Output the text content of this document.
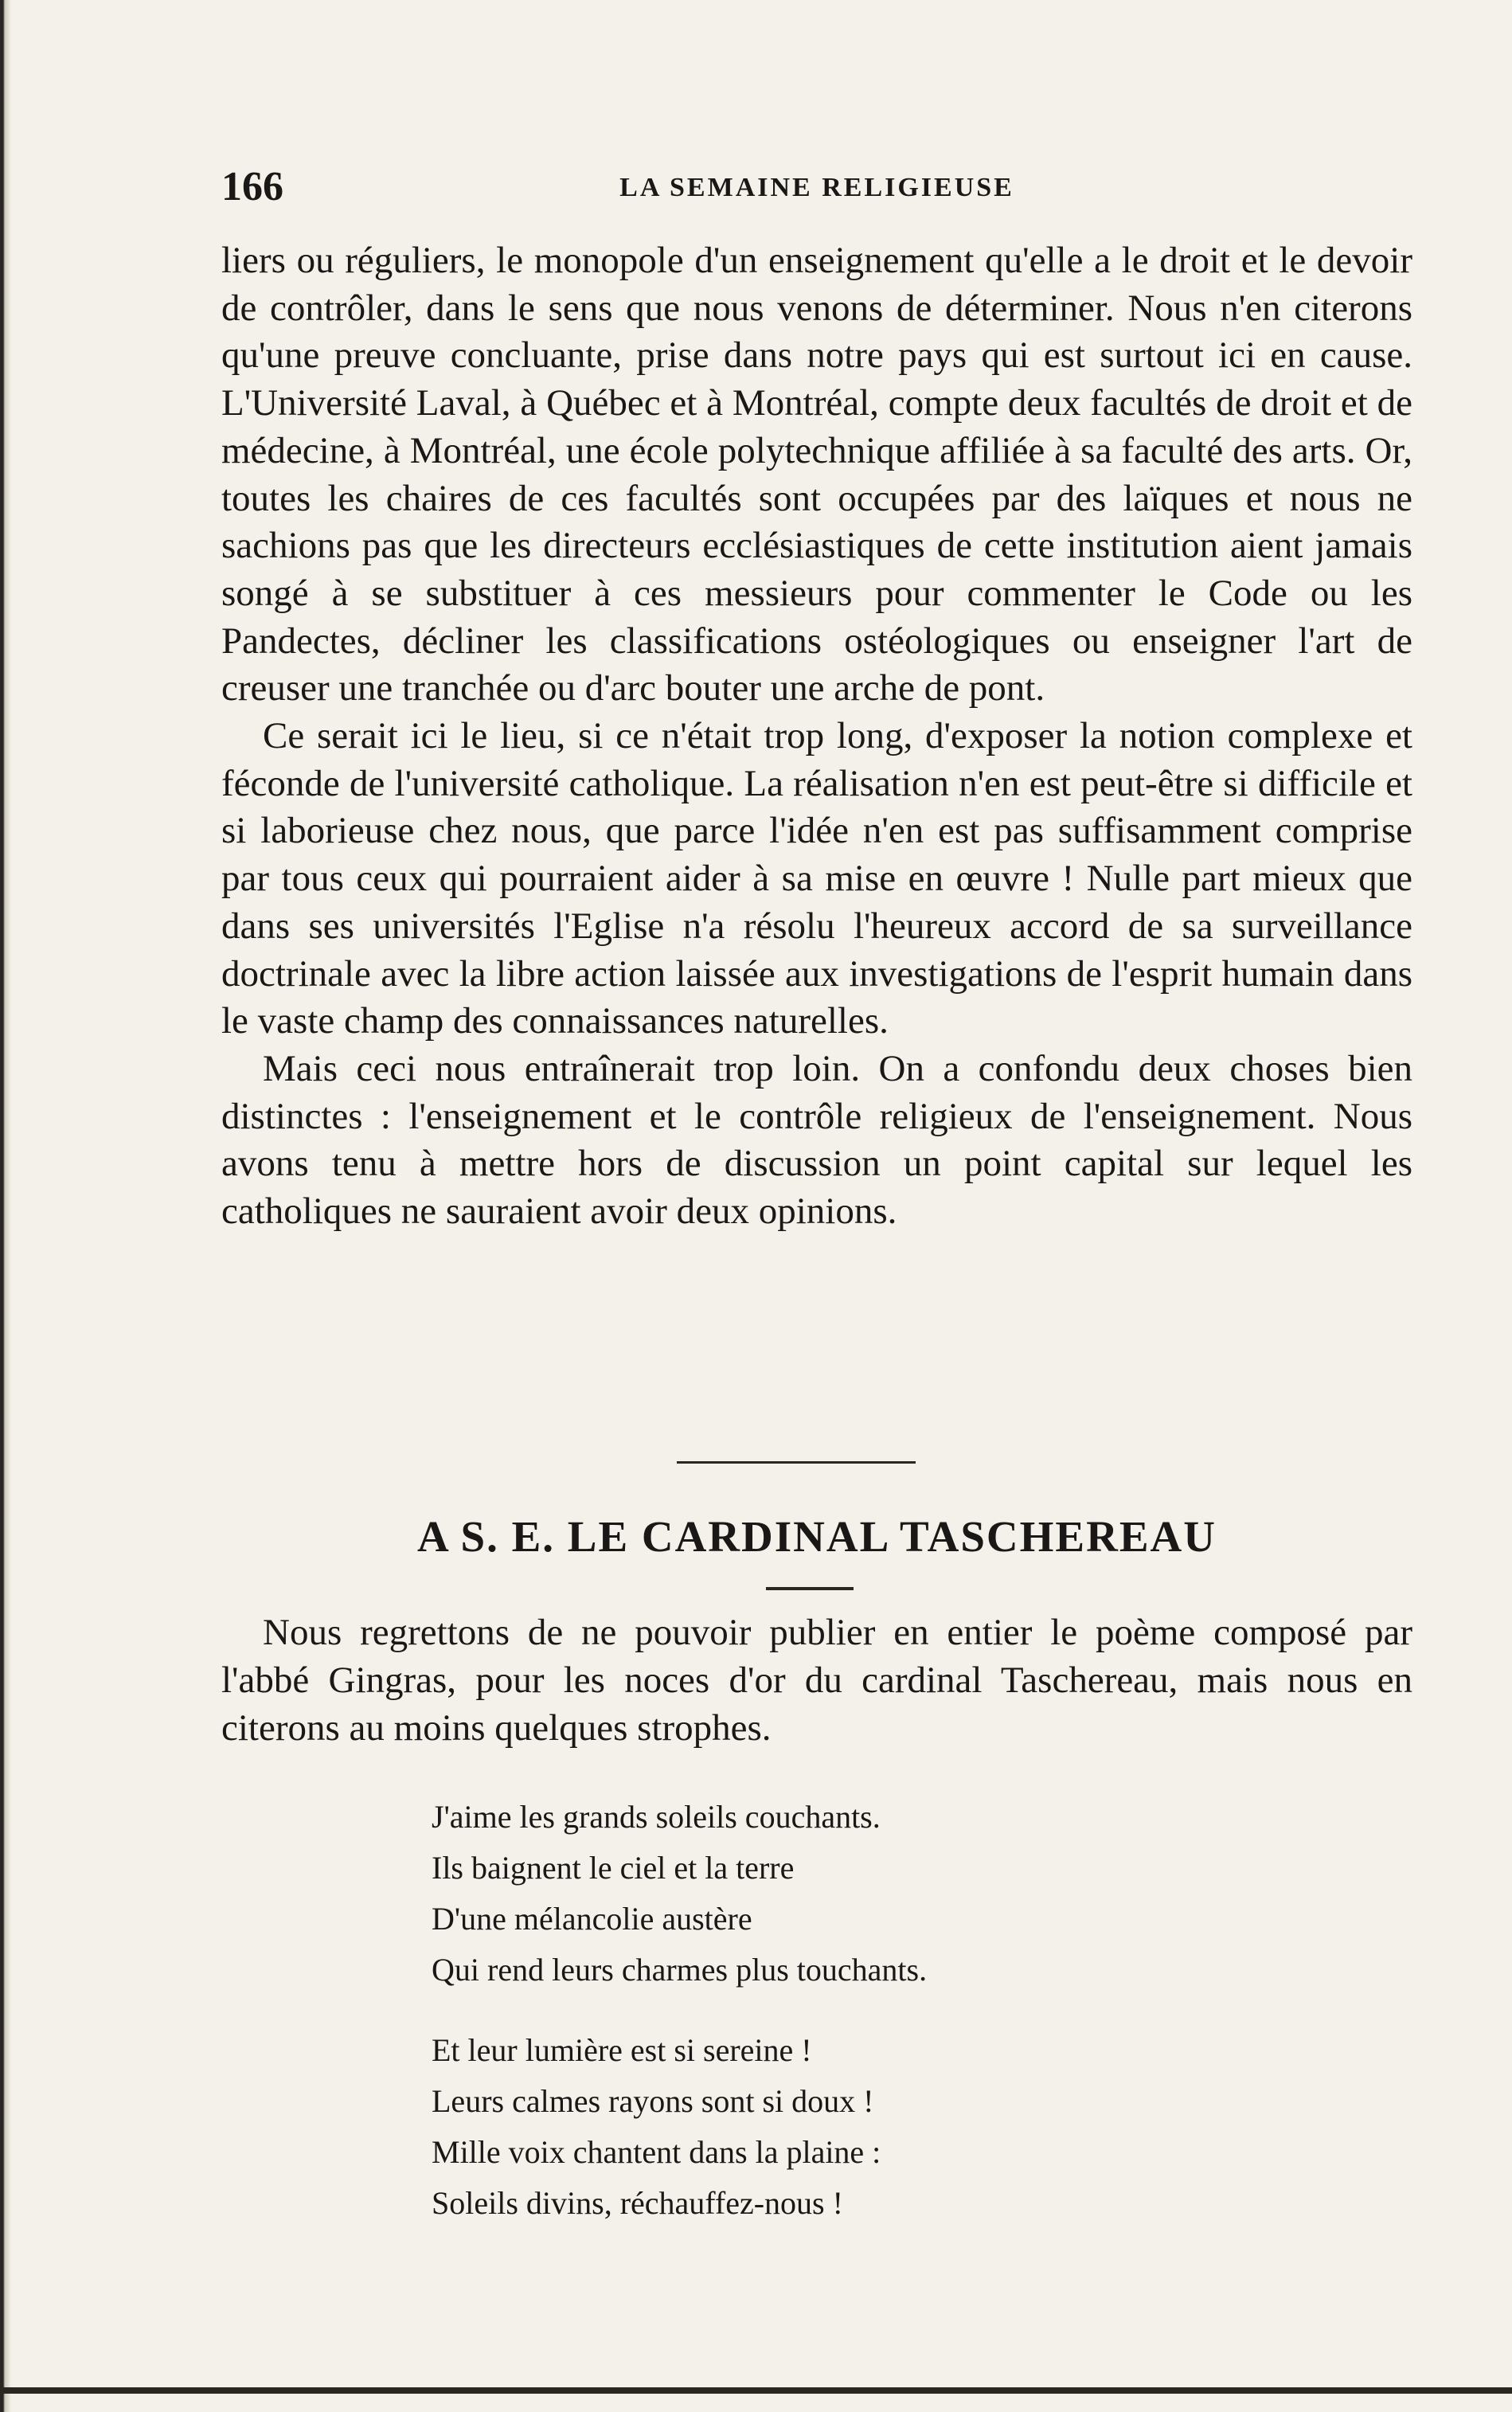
166	LA SEMAINE RELIGIEUSE

liers ou réguliers, le monopole d'un enseignement qu'elle a le droit et le devoir de contrôler, dans le sens que nous venons de déterminer. Nous n'en citerons qu'une preuve concluante, prise dans notre pays qui est surtout ici en cause. L'Université Laval, à Québec et à Montréal, compte deux facultés de droit et de médecine, à Montréal, une école polytechnique affiliée à sa faculté des arts. Or, toutes les chaires de ces facultés sont occupées par des laïques et nous ne sachions pas que les directeurs ecclésiastiques de cette institution aient jamais songé à se substituer à ces messieurs pour commenter le Code ou les Pandectes, décliner les classifications ostéologiques ou enseigner l'art de creuser une tranchée ou d'arc bouter une arche de pont.

Ce serait ici le lieu, si ce n'était trop long, d'exposer la notion complexe et féconde de l'université catholique. La réalisation n'en est peut-être si difficile et si laborieuse chez nous, que parce l'idée n'en est pas suffisamment comprise par tous ceux qui pourraient aider à sa mise en œuvre ! Nulle part mieux que dans ses universités l'Eglise n'a résolu l'heureux accord de sa surveillance doctrinale avec la libre action laissée aux investigations de l'esprit humain dans le vaste champ des connaissances naturelles.

Mais ceci nous entraînerait trop loin. On a confondu deux choses bien distinctes : l'enseignement et le contrôle religieux de l'enseignement. Nous avons tenu à mettre hors de discussion un point capital sur lequel les catholiques ne sauraient avoir deux opinions.

A S. E. LE CARDINAL TASCHEREAU

Nous regrettons de ne pouvoir publier en entier le poème composé par l'abbé Gingras, pour les noces d'or du cardinal Taschereau, mais nous en citerons au moins quelques strophes.

J'aime les grands soleils couchants.
Ils baignent le ciel et la terre
D'une mélancolie austère
Qui rend leurs charmes plus touchants.
Et leur lumière est si sereine !
Leurs calmes rayons sont si doux !
Mille voix chantent dans la plaine :
Soleils divins, réchauffez-nous !
